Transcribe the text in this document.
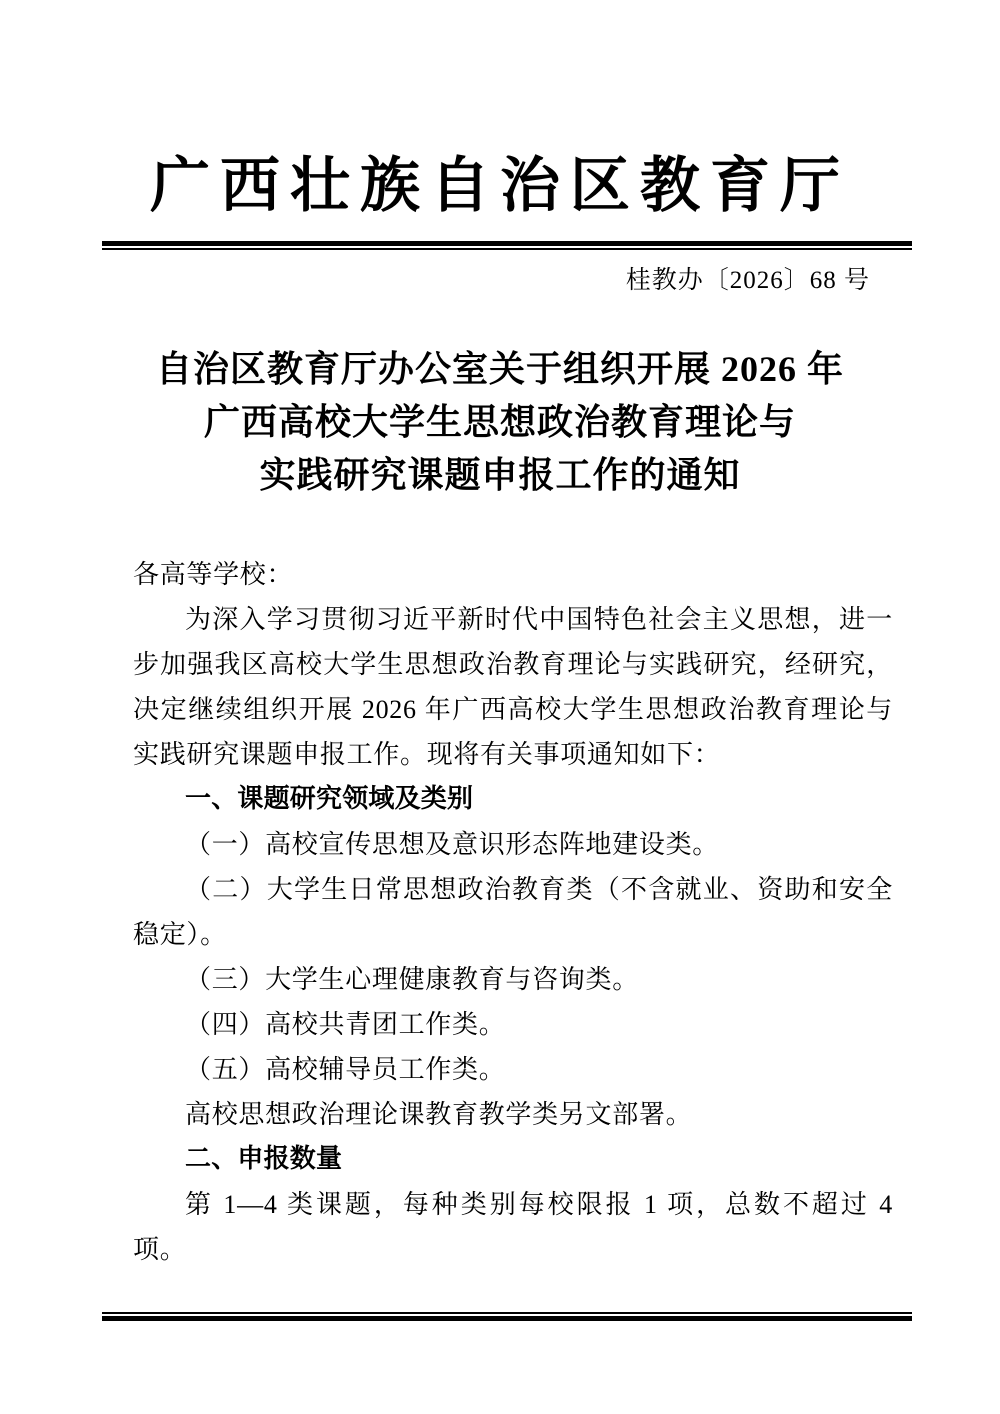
广西壮族自治区教育厅
桂教办〔2026〕68 号
自治区教育厅办公室关于组织开展 2026 年
广西高校大学生思想政治教育理论与
实践研究课题申报工作的通知

各高等学校：

为深入学习贯彻习近平新时代中国特色社会主义思想，进一步加强我区高校大学生思想政治教育理论与实践研究，经研究，决定继续组织开展 2026 年广西高校大学生思想政治教育理论与实践研究课题申报工作。现将有关事项通知如下：

一、课题研究领域及类别

（一）高校宣传思想及意识形态阵地建设类。

（二）大学生日常思想政治教育类（不含就业、资助和安全稳定）。

（三）大学生心理健康教育与咨询类。

（四）高校共青团工作类。

（五）高校辅导员工作类。

高校思想政治理论课教育教学类另文部署。

二、申报数量

第 1—4 类课题，每种类别每校限报 1 项，总数不超过 4 项。
